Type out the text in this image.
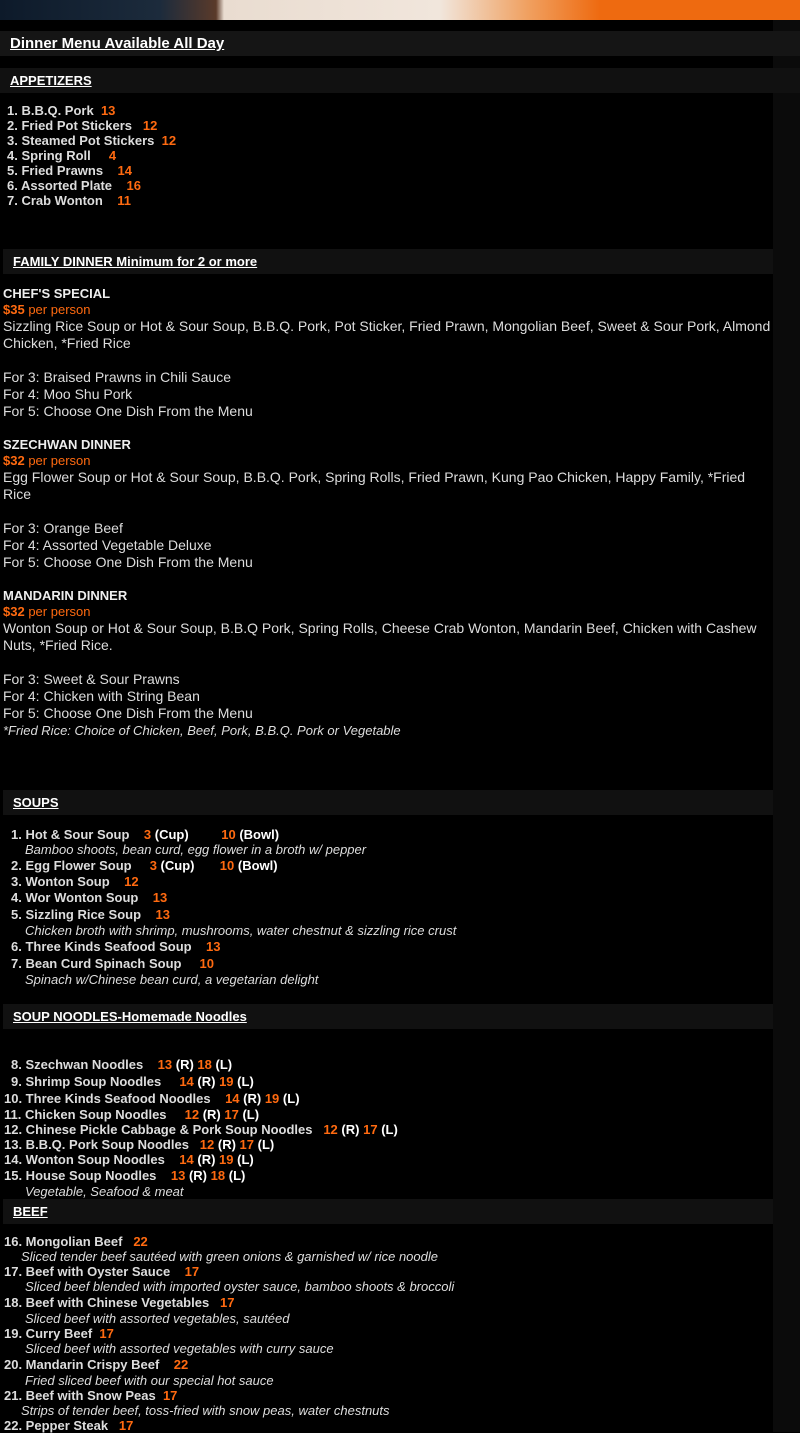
Dinner Menu Available All Day
APPETIZERS
1. B.B.Q. Pork 13
2. Fried Pot Stickers 12
3. Steamed Pot Stickers 12
4. Spring Roll 4
5. Fried Prawns 14
6. Assorted Plate 16
7. Crab Wonton 11
FAMILY DINNER Minimum for 2 or more
CHEF'S SPECIAL
$35 per person
Sizzling Rice Soup or Hot & Sour Soup, B.B.Q. Pork, Pot Sticker, Fried Prawn, Mongolian Beef, Sweet & Sour Pork, Almond Chicken, *Fried Rice
For 3: Braised Prawns in Chili Sauce
For 4: Moo Shu Pork
For 5: Choose One Dish From the Menu
SZECHWAN DINNER
$32 per person
Egg Flower Soup or Hot & Sour Soup, B.B.Q. Pork, Spring Rolls, Fried Prawn, Kung Pao Chicken, Happy Family, *Fried Rice
For 3: Orange Beef
For 4: Assorted Vegetable Deluxe
For 5: Choose One Dish From the Menu
MANDARIN DINNER
$32 per person
Wonton Soup or Hot & Sour Soup, B.B.Q Pork, Spring Rolls, Cheese Crab Wonton, Mandarin Beef, Chicken with Cashew Nuts, *Fried Rice.
For 3: Sweet & Sour Prawns
For 4: Chicken with String Bean
For 5: Choose One Dish From the Menu
*Fried Rice: Choice of Chicken, Beef, Pork, B.B.Q. Pork or Vegetable
SOUPS
1. Hot & Sour Soup 3 (Cup)	10 (Bowl)
Bamboo shoots, bean curd, egg flower in a broth w/ pepper
2. Egg Flower Soup 3 (Cup) 10 (Bowl)
3. Wonton Soup 12
4. Wor Wonton Soup 13
5. Sizzling Rice Soup 13
Chicken broth with shrimp, mushrooms, water chestnut & sizzling rice crust
6. Three Kinds Seafood Soup 13
7. Bean Curd Spinach Soup 10
Spinach w/Chinese bean curd, a vegetarian delight
SOUP NOODLES-Homemade Noodles
8. Szechwan Noodles 13 (R) 18 (L)
9. Shrimp Soup Noodles 14 (R) 19 (L)
10. Three Kinds Seafood Noodles 14 (R) 19 (L)
11. Chicken Soup Noodles 12 (R) 17 (L)
12. Chinese Pickle Cabbage & Pork Soup Noodles 12 (R) 17 (L)
13. B.B.Q. Pork Soup Noodles 12 (R) 17 (L)
14. Wonton Soup Noodles 14 (R) 19 (L)
15. House Soup Noodles 13 (R) 18 (L)
Vegetable, Seafood & meat
BEEF
16. Mongolian Beef 22
Sliced tender beef sautéed with green onions & garnished w/ rice noodle
17. Beef with Oyster Sauce 17
Sliced beef blended with imported oyster sauce, bamboo shoots & broccoli
18. Beef with Chinese Vegetables 17
Sliced beef with assorted vegetables, sautéed
19. Curry Beef 17
Sliced beef with assorted vegetables with curry sauce
20. Mandarin Crispy Beef 22
Fried sliced beef with our special hot sauce
21. Beef with Snow Peas 17
Strips of tender beef, toss-fried with snow peas, water chestnuts
22. Pepper Steak 17
